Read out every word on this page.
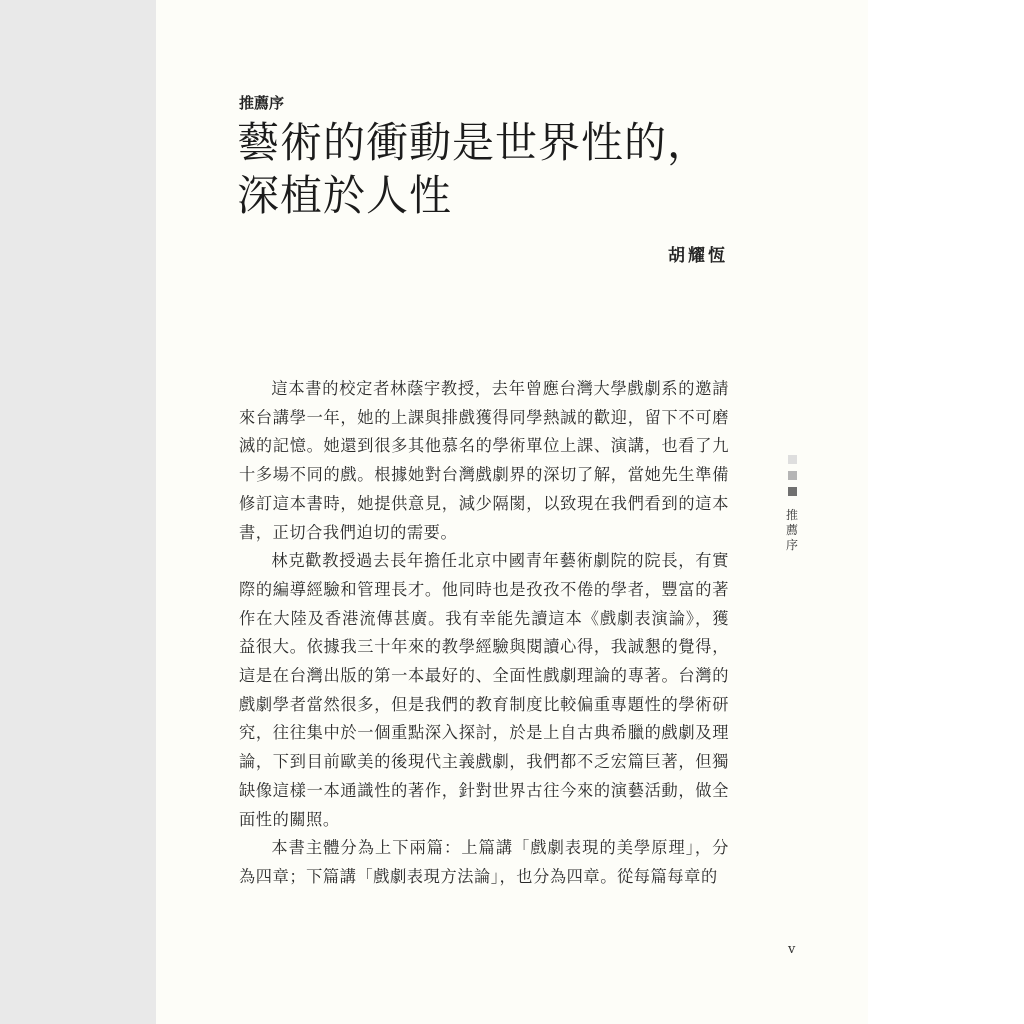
推薦序
藝術的衝動是世界性的，
深植於人性
胡耀恆

這本書的校定者林蔭宇教授，去年曾應台灣大學戲劇系的邀請來台講學一年，她的上課與排戲獲得同學熱誠的歡迎，留下不可磨滅的記憶。她還到很多其他慕名的學術單位上課、演講，也看了九十多場不同的戲。根據她對台灣戲劇界的深切了解，當她先生準備修訂這本書時，她提供意見，減少隔閡，以致現在我們看到的這本書，正切合我們迫切的需要。

林克歡教授過去長年擔任北京中國青年藝術劇院的院長，有實際的編導經驗和管理長才。他同時也是孜孜不倦的學者，豐富的著作在大陸及香港流傳甚廣。我有幸能先讀這本《戲劇表演論》，獲益很大。依據我三十年來的教學經驗與閱讀心得，我誠懇的覺得，這是在台灣出版的第一本最好的、全面性戲劇理論的專著。台灣的戲劇學者當然很多，但是我們的教育制度比較偏重專題性的學術研究，往往集中於一個重點深入探討，於是上自古典希臘的戲劇及理論，下到目前歐美的後現代主義戲劇，我們都不乏宏篇巨著，但獨缺像這樣一本通識性的著作，針對世界古往今來的演藝活動，做全面性的關照。

本書主體分為上下兩篇：上篇講「戲劇表現的美學原理」，分為四章；下篇講「戲劇表現方法論」，也分為四章。從每篇每章的

推薦序
v
